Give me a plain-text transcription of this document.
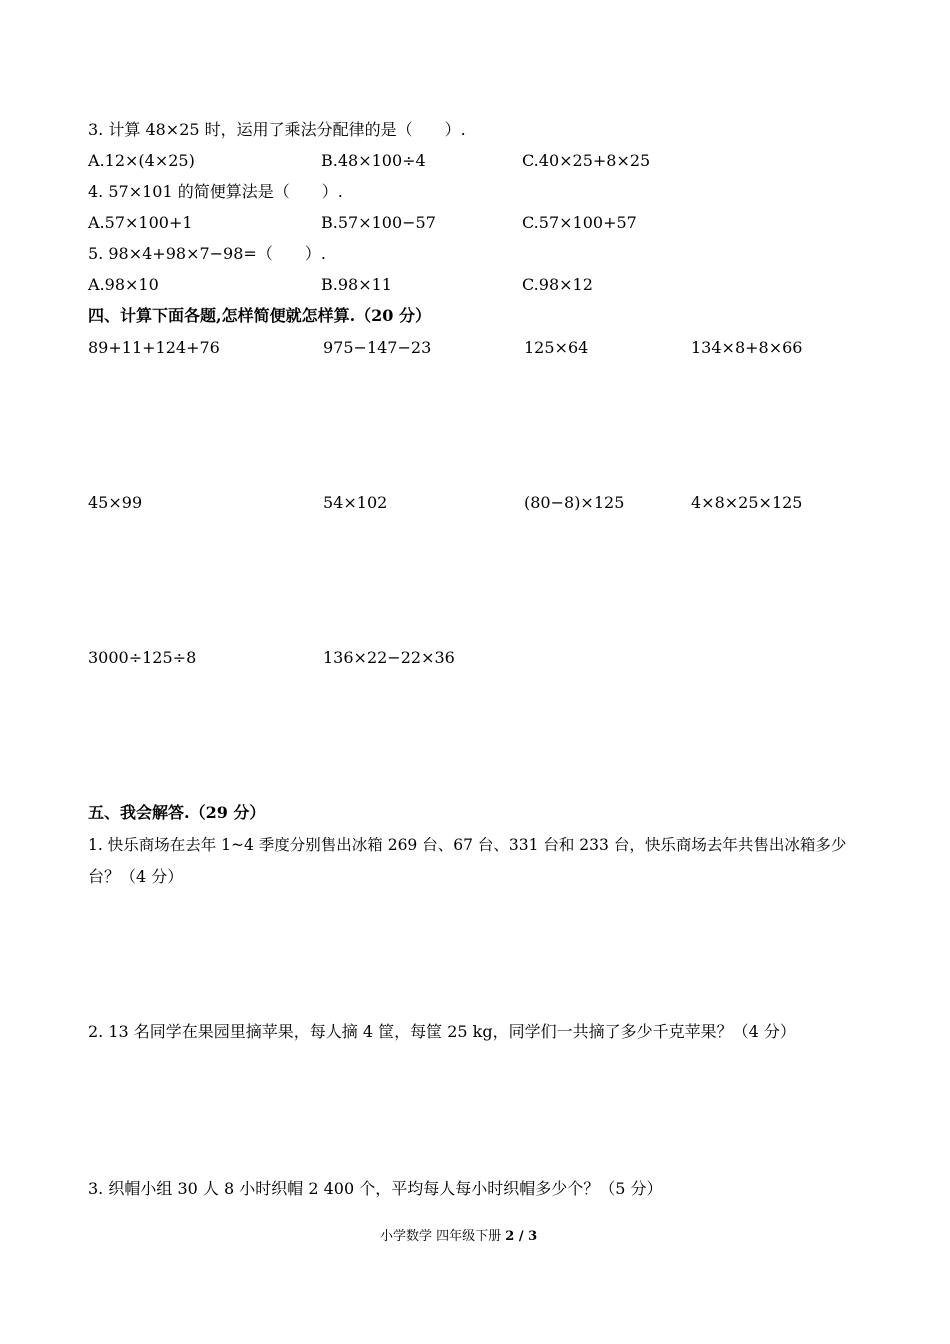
3. 计算 48×25 时，运用了乘法分配律的是（　　）.
A.12×(4×25)	B.48×100÷4	C.40×25+8×25
4. 57×101 的简便算法是（　　）.
A.57×100+1	B.57×100−57	C.57×100+57
5. 98×4+98×7−98=（　　）.
A.98×10	B.98×11	C.98×12
四、计算下面各题,怎样简便就怎样算.（20 分）
89+11+124+76	975−147−23	125×64	134×8+8×66
45×99	54×102	(80−8)×125	4×8×25×125
3000÷125÷8	136×22−22×36
五、我会解答.（29 分）
1. 快乐商场在去年 1~4 季度分别售出冰箱 269 台、67 台、331 台和 233 台，快乐商场去年共售出冰箱多少
台？（4 分）
2. 13 名同学在果园里摘苹果，每人摘 4 筐，每筐 25 kg，同学们一共摘了多少千克苹果？（4 分）
3. 织帽小组 30 人 8 小时织帽 2 400 个，平均每人每小时织帽多少个？（5 分）
小学数学 四年级下册 2 / 3
